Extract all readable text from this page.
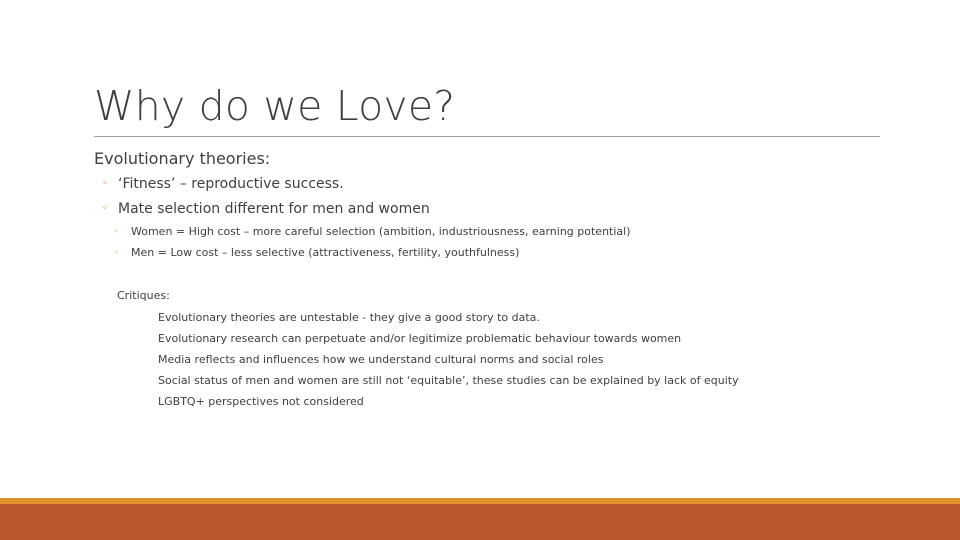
Why do we Love?
Evolutionary theories:
◦ ‘Fitness’ – reproductive success.
◦ Mate selection different for men and women
◦ Women = High cost – more careful selection (ambition, industriousness, earning potential)
◦ Men = Low cost – less selective (attractiveness, fertility, youthfulness)
Critiques:
Evolutionary theories are untestable - they give a good story to data.
Evolutionary research can perpetuate and/or legitimize problematic behaviour towards women
Media reflects and influences how we understand cultural norms and social roles
Social status of men and women are still not ‘equitable’, these studies can be explained by lack of equity
LGBTQ+ perspectives not considered
